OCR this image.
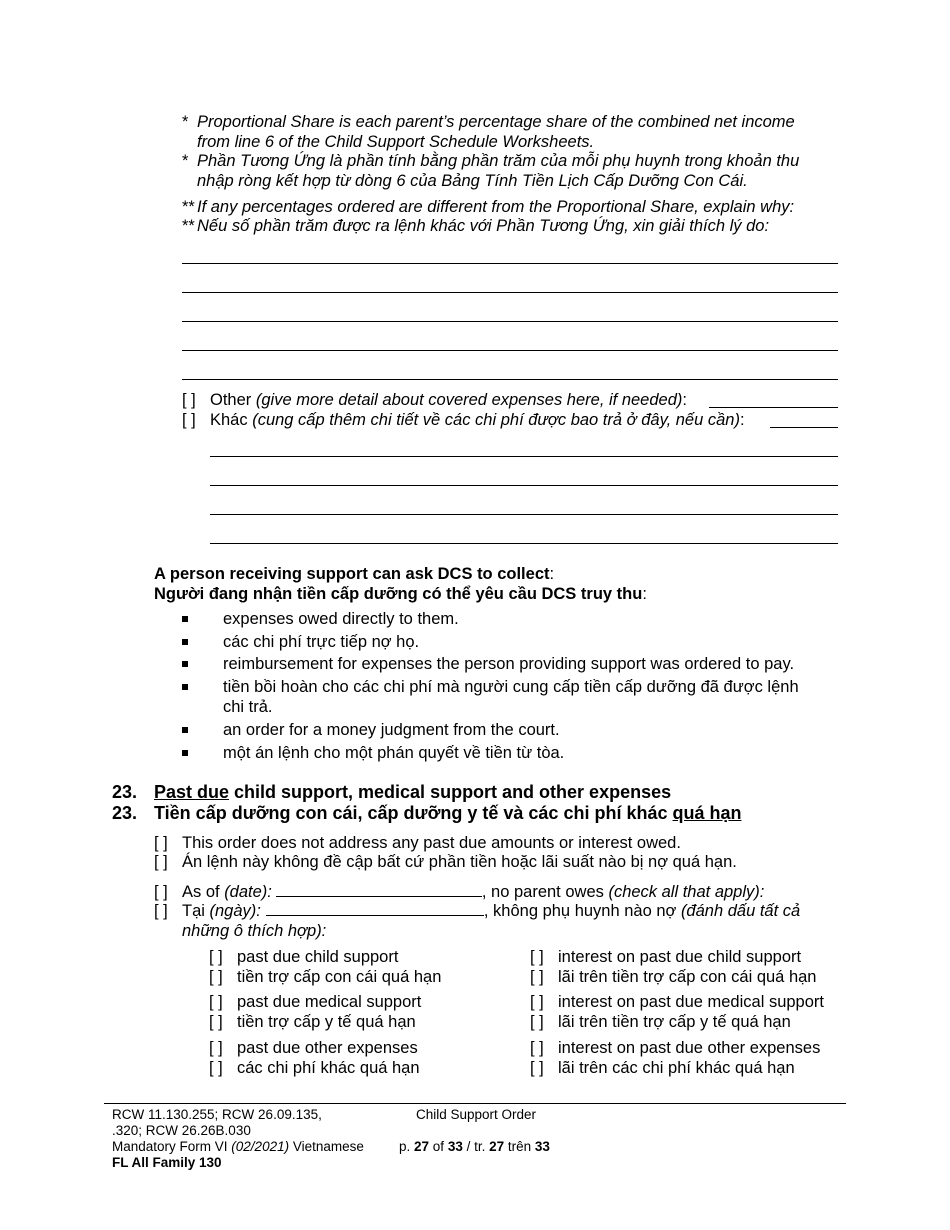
* Proportional Share is each parent’s percentage share of the combined net income
from line 6 of the Child Support Schedule Worksheets.
* Phần Tương Ứng là phần tính bằng phần trăm của mỗi phụ huynh trong khoản thu
nhập ròng kết hợp từ dòng 6 của Bảng Tính Tiền Lịch Cấp Dưỡng Con Cái.
** If any percentages ordered are different from the Proportional Share, explain why:
** Nếu số phần trăm được ra lệnh khác với Phần Tương Ứng, xin giải thích lý do:
[ ] Other (give more detail about covered expenses here, if needed):
[ ] Khác (cung cấp thêm chi tiết về các chi phí được bao trả ở đây, nếu cần):
A person receiving support can ask DCS to collect:
Người đang nhận tiền cấp dưỡng có thể yêu cầu DCS truy thu:
expenses owed directly to them.
các chi phí trực tiếp nợ họ.
reimbursement for expenses the person providing support was ordered to pay.
tiền bồi hoàn cho các chi phí mà người cung cấp tiền cấp dưỡng đã được lệnh
chi trả.
an order for a money judgment from the court.
một án lệnh cho một phán quyết về tiền từ tòa.
23. Past due child support, medical support and other expenses
23. Tiền cấp dưỡng con cái, cấp dưỡng y tế và các chi phí khác quá hạn
[ ] This order does not address any past due amounts or interest owed.
[ ] Án lệnh này không đề cập bất cứ phần tiền hoặc lãi suất nào bị nợ quá hạn.
[ ] As of (date):	, no parent owes (check all that apply):
[ ] Tại (ngày):	, không phụ huynh nào nợ (đánh dấu tất cả
những ô thích hợp):
[ ] past due child support
[ ] tiền trợ cấp con cái quá hạn
[ ] interest on past due child support
[ ] lãi trên tiền trợ cấp con cái quá hạn
[ ] past due medical support
[ ] tiền trợ cấp y tế quá hạn
[ ] interest on past due medical support
[ ] lãi trên tiền trợ cấp y tế quá hạn
[ ] past due other expenses
[ ] các chi phí khác quá hạn
[ ] interest on past due other expenses
[ ] lãi trên các chi phí khác quá hạn
RCW 11.130.255; RCW 26.09.135,
.320; RCW 26.26B.030
Mandatory Form VI (02/2021) Vietnamese
FL All Family 130
Child Support Order
p. 27 of 33 / tr. 27 trên 33
